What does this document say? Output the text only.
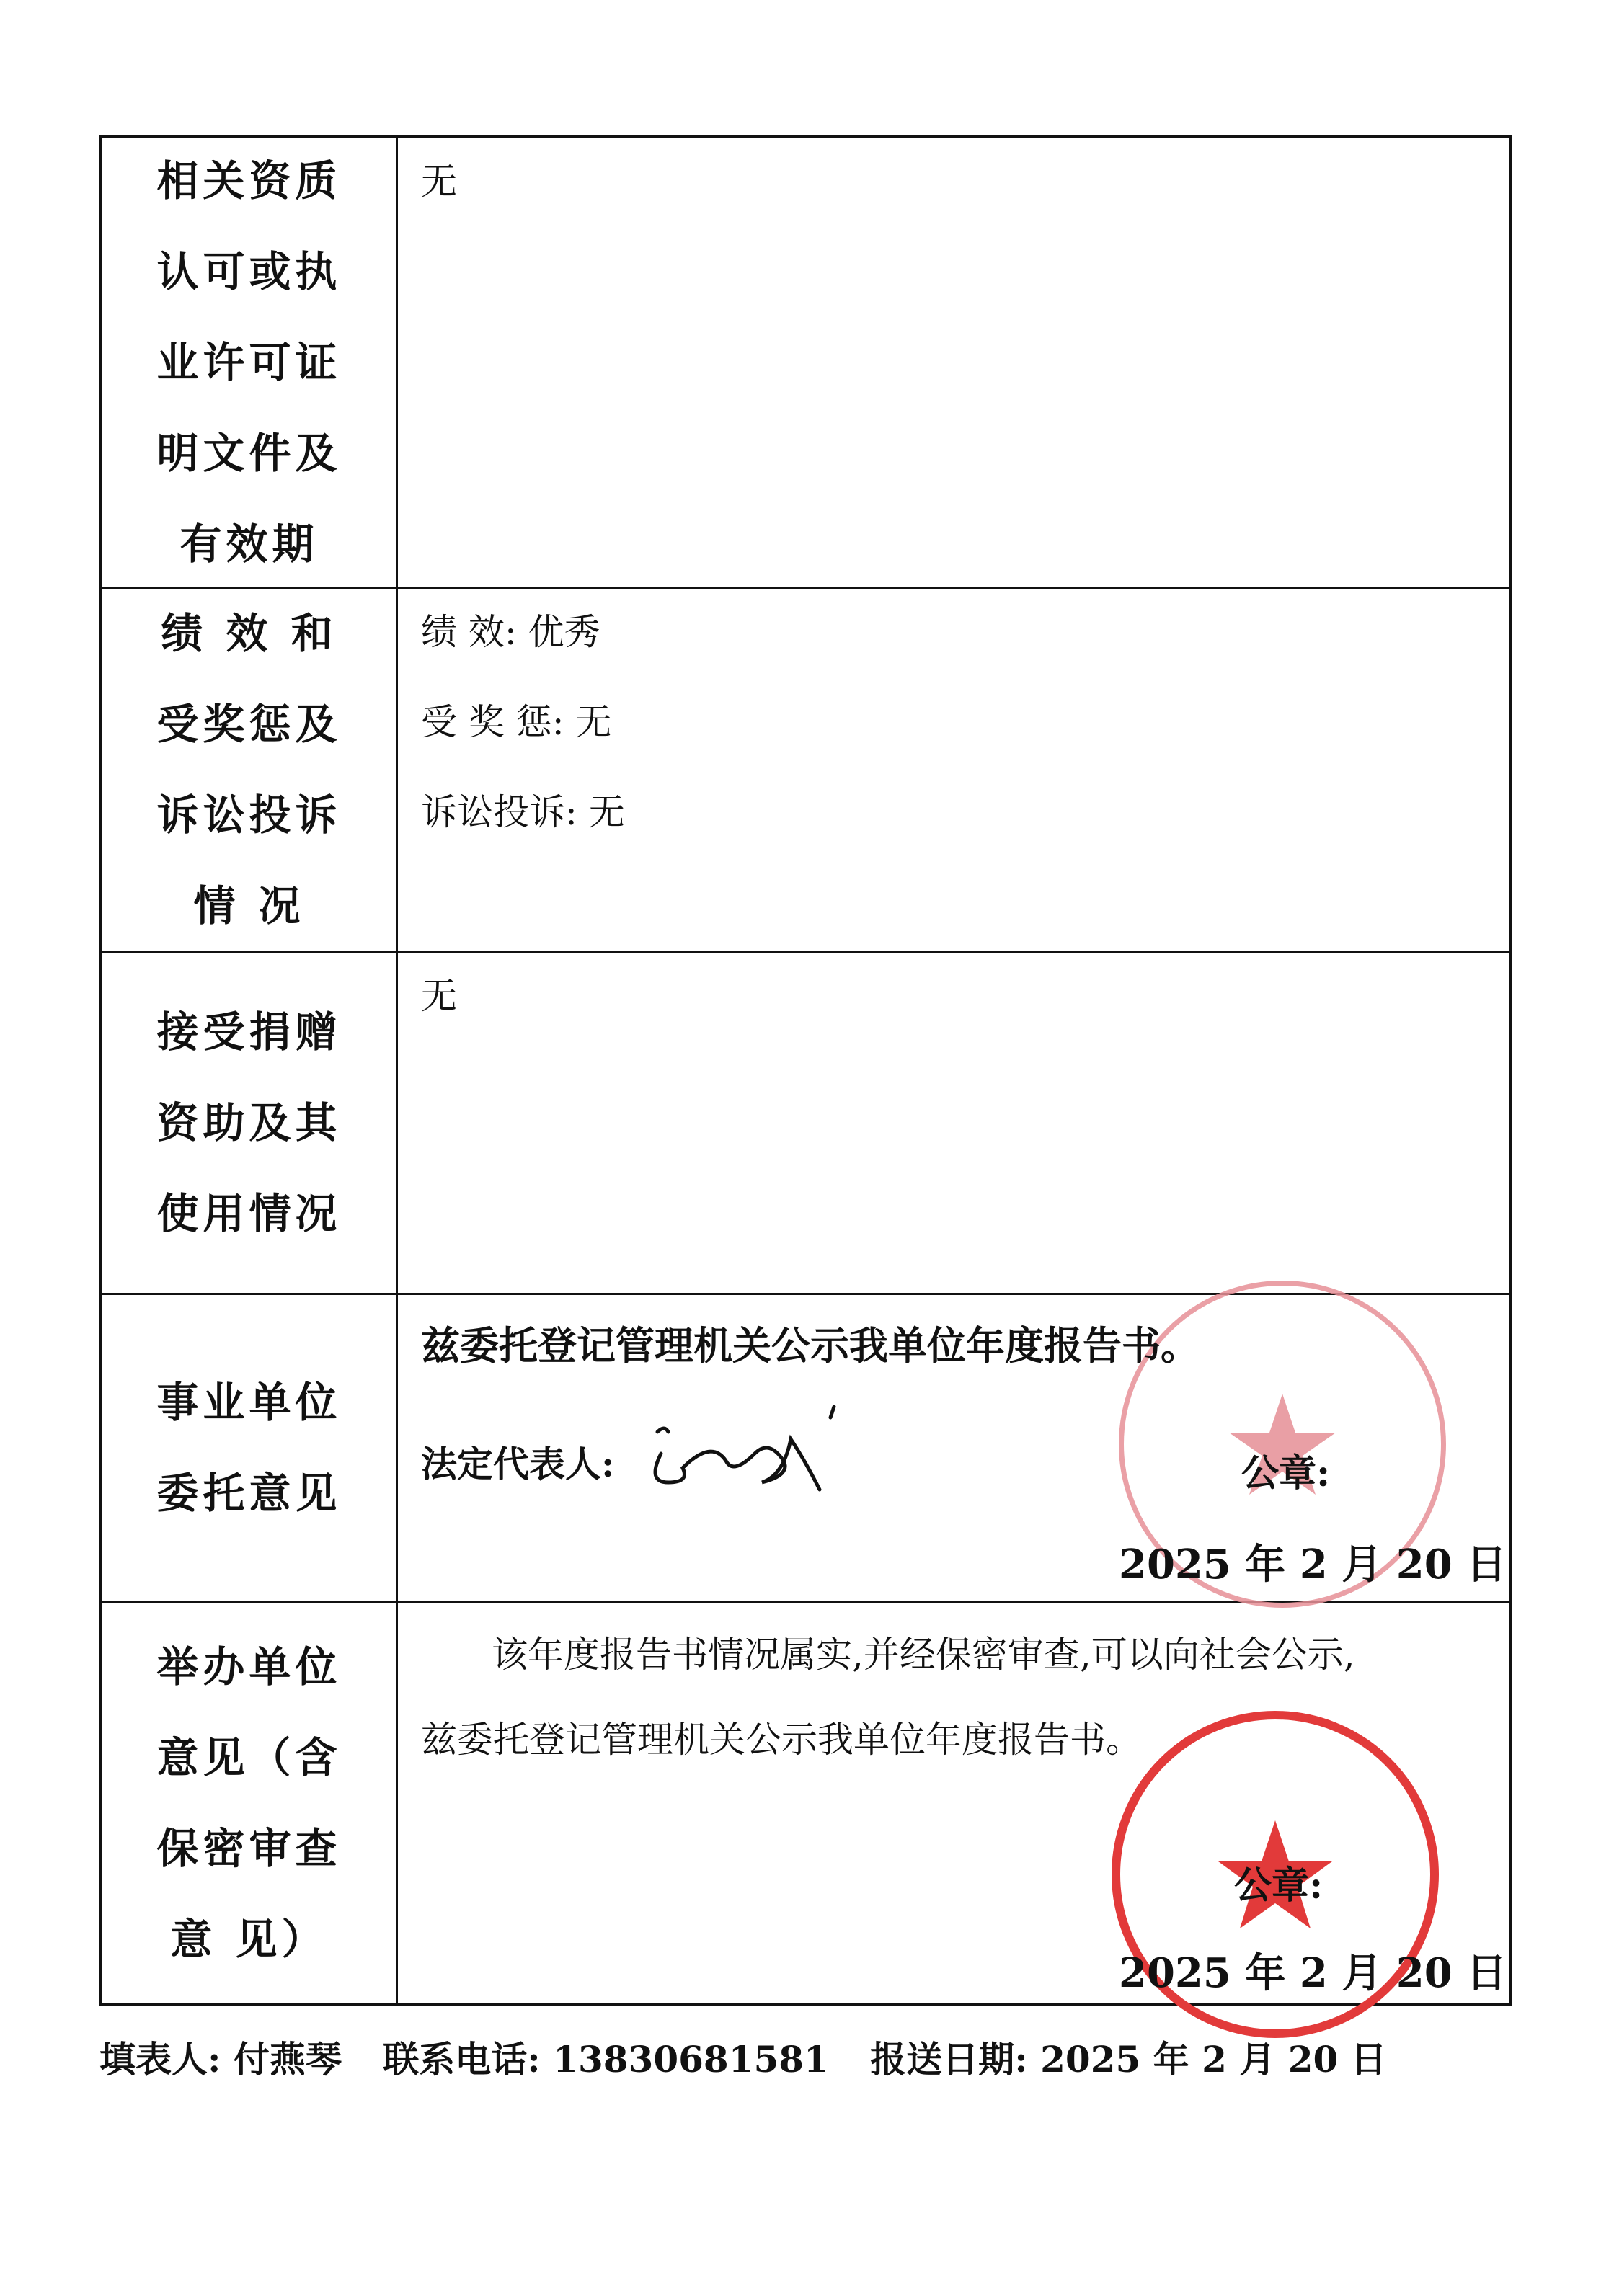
相关资质
认可或执
业许可证
明文件及
有效期
无
绩 效 和
受奖惩及
诉讼投诉
情 况
绩 效: 优秀
受 奖 惩: 无
诉讼投诉: 无
接受捐赠
资助及其
使用情况
无
事业单位
委托意见
兹委托登记管理机关公示我单位年度报告书。
法定代表人:	公章:
2025 年 2 月 20 日
举办单位
意见（含
保密审查
意 见）
该年度报告书情况属实,并经保密审查,可以向社会公示,
兹委托登记管理机关公示我单位年度报告书。
公章:
2025 年 2 月 20 日
填表人: 付燕琴 联系电话: 13830681581 报送日期: 2025 年 2 月 20 日
